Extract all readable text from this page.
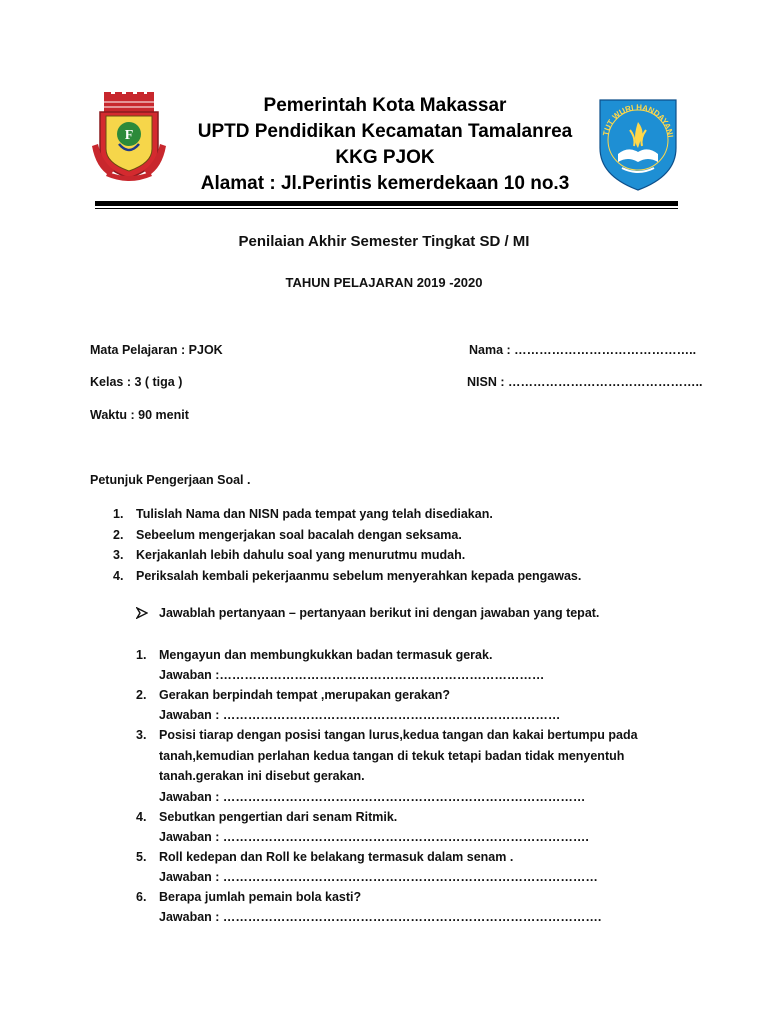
F
Pemerintah Kota Makassar
UPTD Pendidikan Kecamatan Tamalanrea
KKG PJOK
Alamat : Jl.Perintis kemerdekaan 10 no.3
TUT WURI HANDAYANI
Penilaian Akhir Semester Tingkat SD / MI
TAHUN PELAJARAN 2019 -2020
Mata Pelajaran : PJOK	Nama : ……………………………………..
Kelas : 3 ( tiga )	NISN : ………………………………………..
Waktu : 90 menit
Petunjuk Pengerjaan Soal .
1. Tulislah Nama dan NISN pada tempat yang telah disediakan.
2. Sebeelum mengerjakan soal bacalah dengan seksama.
3. Kerjakanlah lebih dahulu soal yang menurutmu mudah.
4. Periksalah kembali pekerjaanmu sebelum menyerahkan kepada pengawas.
Jawablah pertanyaan – pertanyaan berikut ini dengan jawaban yang tepat.
1. Mengayun dan membungkukkan badan termasuk gerak.
Jawaban :……………………………………………………………………
2. Gerakan berpindah tempat ,merupakan gerakan?
Jawaban : ………………………………………………………………………
3. Posisi tiarap dengan posisi tangan lurus,kedua tangan dan kakai bertumpu pada
tanah,kemudian perlahan kedua tangan di tekuk tetapi badan tidak menyentuh
tanah.gerakan ini disebut gerakan.
Jawaban : ……………………………………………………………………………
4. Sebutkan pengertian dari senam Ritmik.
Jawaban : …………………………………………………………………………….
5. Roll kedepan dan Roll ke belakang termasuk dalam senam .
Jawaban : ………………………………………………………………………………
6. Berapa jumlah pemain bola kasti?
Jawaban : ……………………………………………………………………………….
